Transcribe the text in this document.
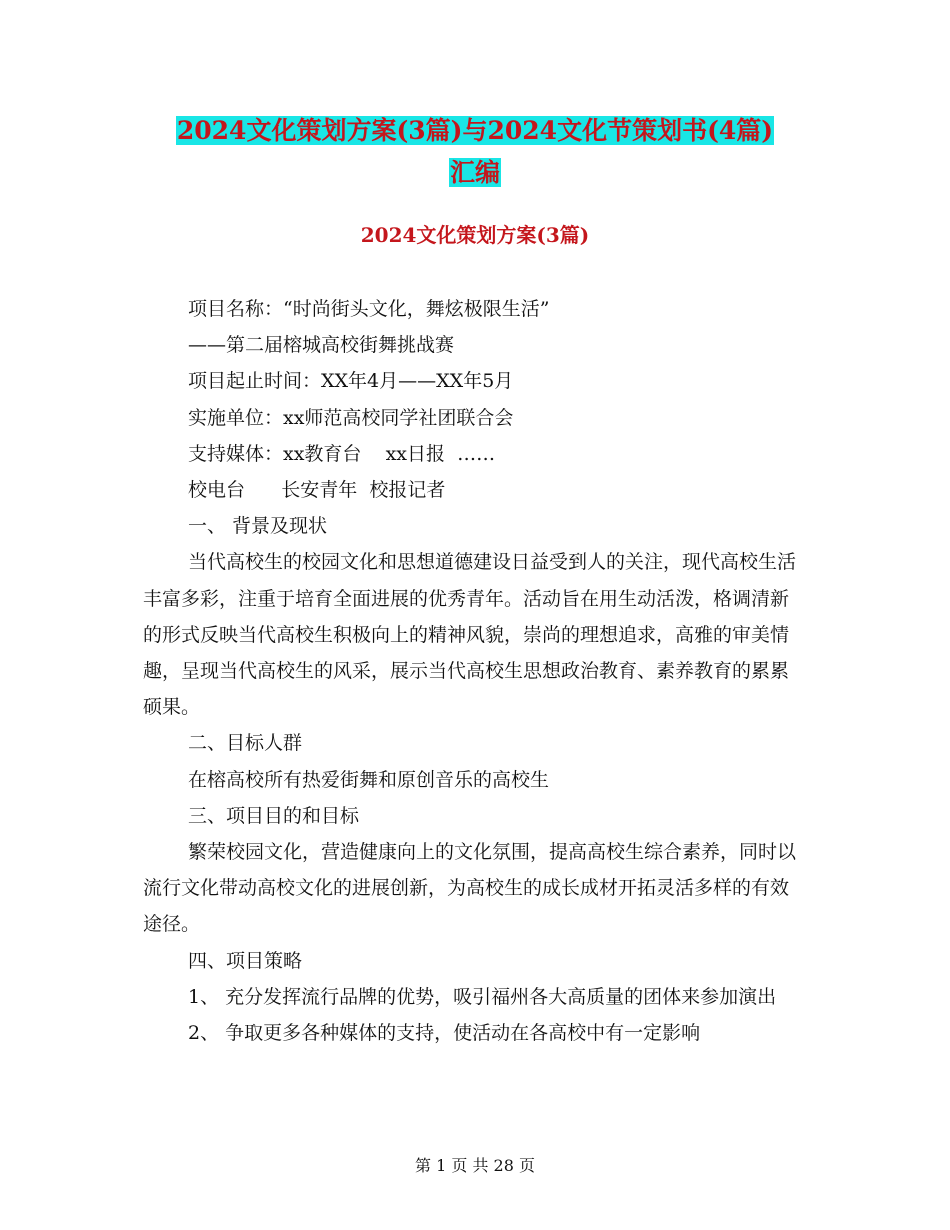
2024文化策划方案(3篇)与2024文化节策划书(4篇)
汇编
2024文化策划方案(3篇)

项目名称：“时尚街头文化，舞炫极限生活”

——第二届榕城高校街舞挑战赛

项目起止时间：XX年4月——XX年5月

实施单位：xx师范高校同学社团联合会

支持媒体：xx教育台    xx日报  ……

校电台      长安青年  校报记者

一、 背景及现状

当代高校生的校园文化和思想道德建设日益受到人的关注，现代高校生活丰富多彩，注重于培育全面进展的优秀青年。活动旨在用生动活泼，格调清新的形式反映当代高校生积极向上的精神风貌，崇尚的理想追求，高雅的审美情趣，呈现当代高校生的风采，展示当代高校生思想政治教育、素养教育的累累硕果。

二、目标人群

在榕高校所有热爱街舞和原创音乐的高校生

三、项目目的和目标

繁荣校园文化，营造健康向上的文化氛围，提高高校生综合素养，同时以流行文化带动高校文化的进展创新，为高校生的成长成材开拓灵活多样的有效途径。

四、项目策略

1、 充分发挥流行品牌的优势，吸引福州各大高质量的团体来参加演出

2、 争取更多各种媒体的支持，使活动在各高校中有一定影响

第 1 页 共 28 页
